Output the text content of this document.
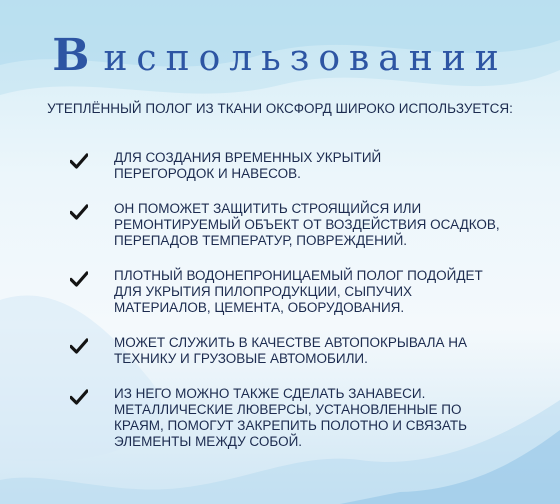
Виспользовании
УТЕПЛЁННЫЙ ПОЛОГ ИЗ ТКАНИ ОКСФОРД ШИРОКО ИСПОЛЬЗУЕТСЯ:
ДЛЯ СОЗДАНИЯ ВРЕМЕННЫХ УКРЫТИЙ
ПЕРЕГОРОДОК И НАВЕСОВ.
ОН ПОМОЖЕТ ЗАЩИТИТЬ СТРОЯЩИЙСЯ ИЛИ
РЕМОНТИРУЕМЫЙ ОБЪЕКТ ОТ ВОЗДЕЙСТВИЯ ОСАДКОВ,
ПЕРЕПАДОВ ТЕМПЕРАТУР, ПОВРЕЖДЕНИЙ.
ПЛОТНЫЙ ВОДОНЕПРОНИЦАЕМЫЙ ПОЛОГ ПОДОЙДЕТ
ДЛЯ УКРЫТИЯ ПИЛОПРОДУКЦИИ, СЫПУЧИХ
МАТЕРИАЛОВ, ЦЕМЕНТА, ОБОРУДОВАНИЯ.
МОЖЕТ СЛУЖИТЬ В КАЧЕСТВЕ АВТОПОКРЫВАЛА НА
ТЕХНИКУ И ГРУЗОВЫЕ АВТОМОБИЛИ.
ИЗ НЕГО МОЖНО ТАКЖЕ СДЕЛАТЬ ЗАНАВЕСИ.
МЕТАЛЛИЧЕСКИЕ ЛЮВЕРСЫ, УСТАНОВЛЕННЫЕ ПО
КРАЯМ, ПОМОГУТ ЗАКРЕПИТЬ ПОЛОТНО И СВЯЗАТЬ
ЭЛЕМЕНТЫ МЕЖДУ СОБОЙ.
